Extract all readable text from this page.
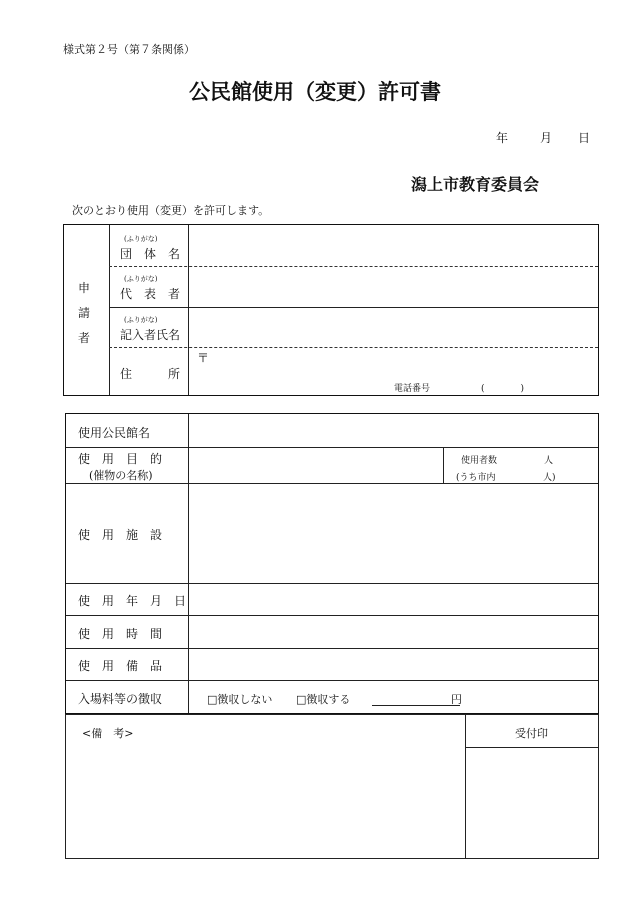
様式第２号（第７条関係）
公民館使用（変更）許可書
年	月 日
潟上市教育委員会
次のとおり使用（変更）を許可します。
申
請
者
(ふりがな)
団　体　名
(ふりがな)
代　表　者
(ふりがな)
記入者氏名
住　　　所
〒
電話番号	(　　　　)
使用公民館名
使　用　目　的
(催物の名称)
使用者数	人
(うち市内	人)
使　用　施　設
使　用　年　月　日
使　用　時　間
使　用　備　品
入場料等の徴収	□徴収しない □徴収する	円
<備　考>	受付印
